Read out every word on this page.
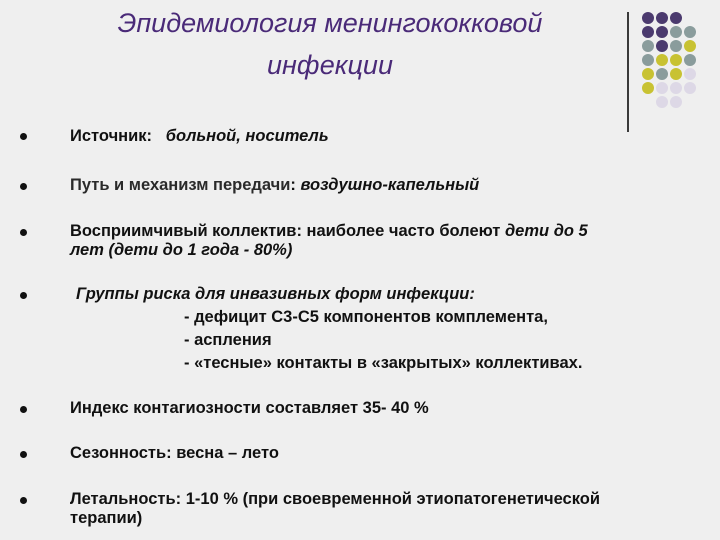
Эпидемиология менингококковой
инфекции
Источник: больной, носитель
Путь и механизм передачи: воздушно-капельный
Восприимчивый коллектив: наиболее часто болеют дети до 5
лет (дети до 1 года - 80%)
Группы риска для инвазивных форм инфекции:
- дефицит С3-С5 компонентов комплемента,
- аспления
- «тесные» контакты в «закрытых» коллективах.
Индекс контагиозности составляет 35- 40 %
Сезонность: весна – лето
Летальность: 1-10 % (при своевременной этиопатогенетической
терапии)
